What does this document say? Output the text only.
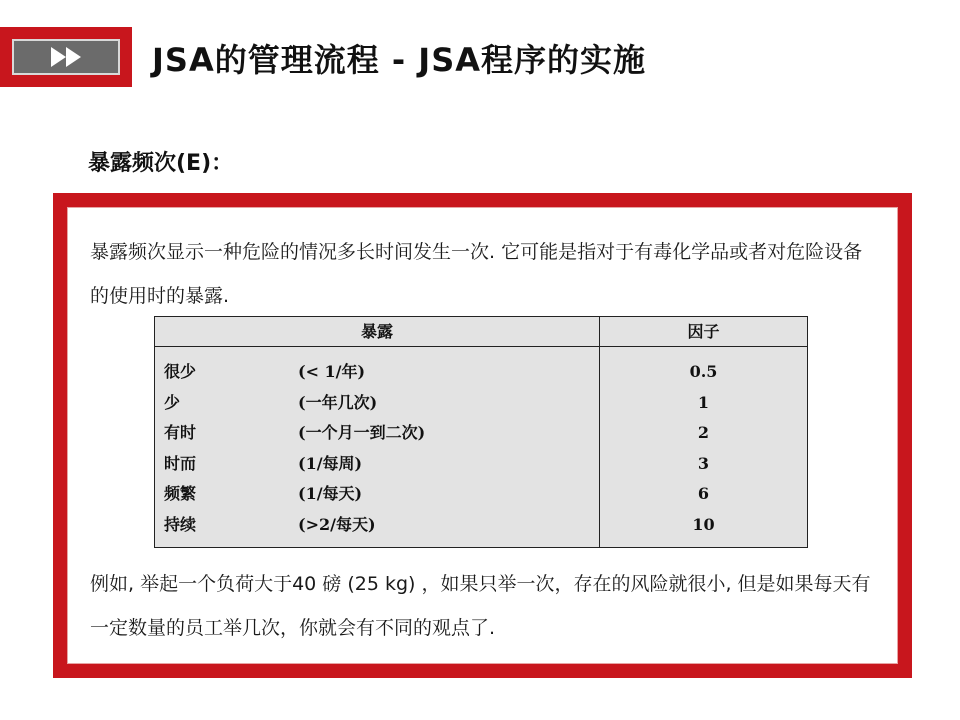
JSA的管理流程 - JSA程序的实施
暴露频次(E)：
暴露频次显示一种危险的情况多长时间发生一次. 它可能是指对于有毒化学品或者对危险设备的使用时的暴露.
暴露	因子
很少	(< 1/年)	0.5
少	(一年几次)	1
有时	(一个月一到二次)	2
时而	(1/每周)	3
频繁	(1/每天)	6
持续	(>2/每天)	10
例如, 举起一个负荷大于40 磅 (25 kg) ，如果只举一次，存在的风险就很小, 但是如果每天有一定数量的员工举几次，你就会有不同的观点了.
